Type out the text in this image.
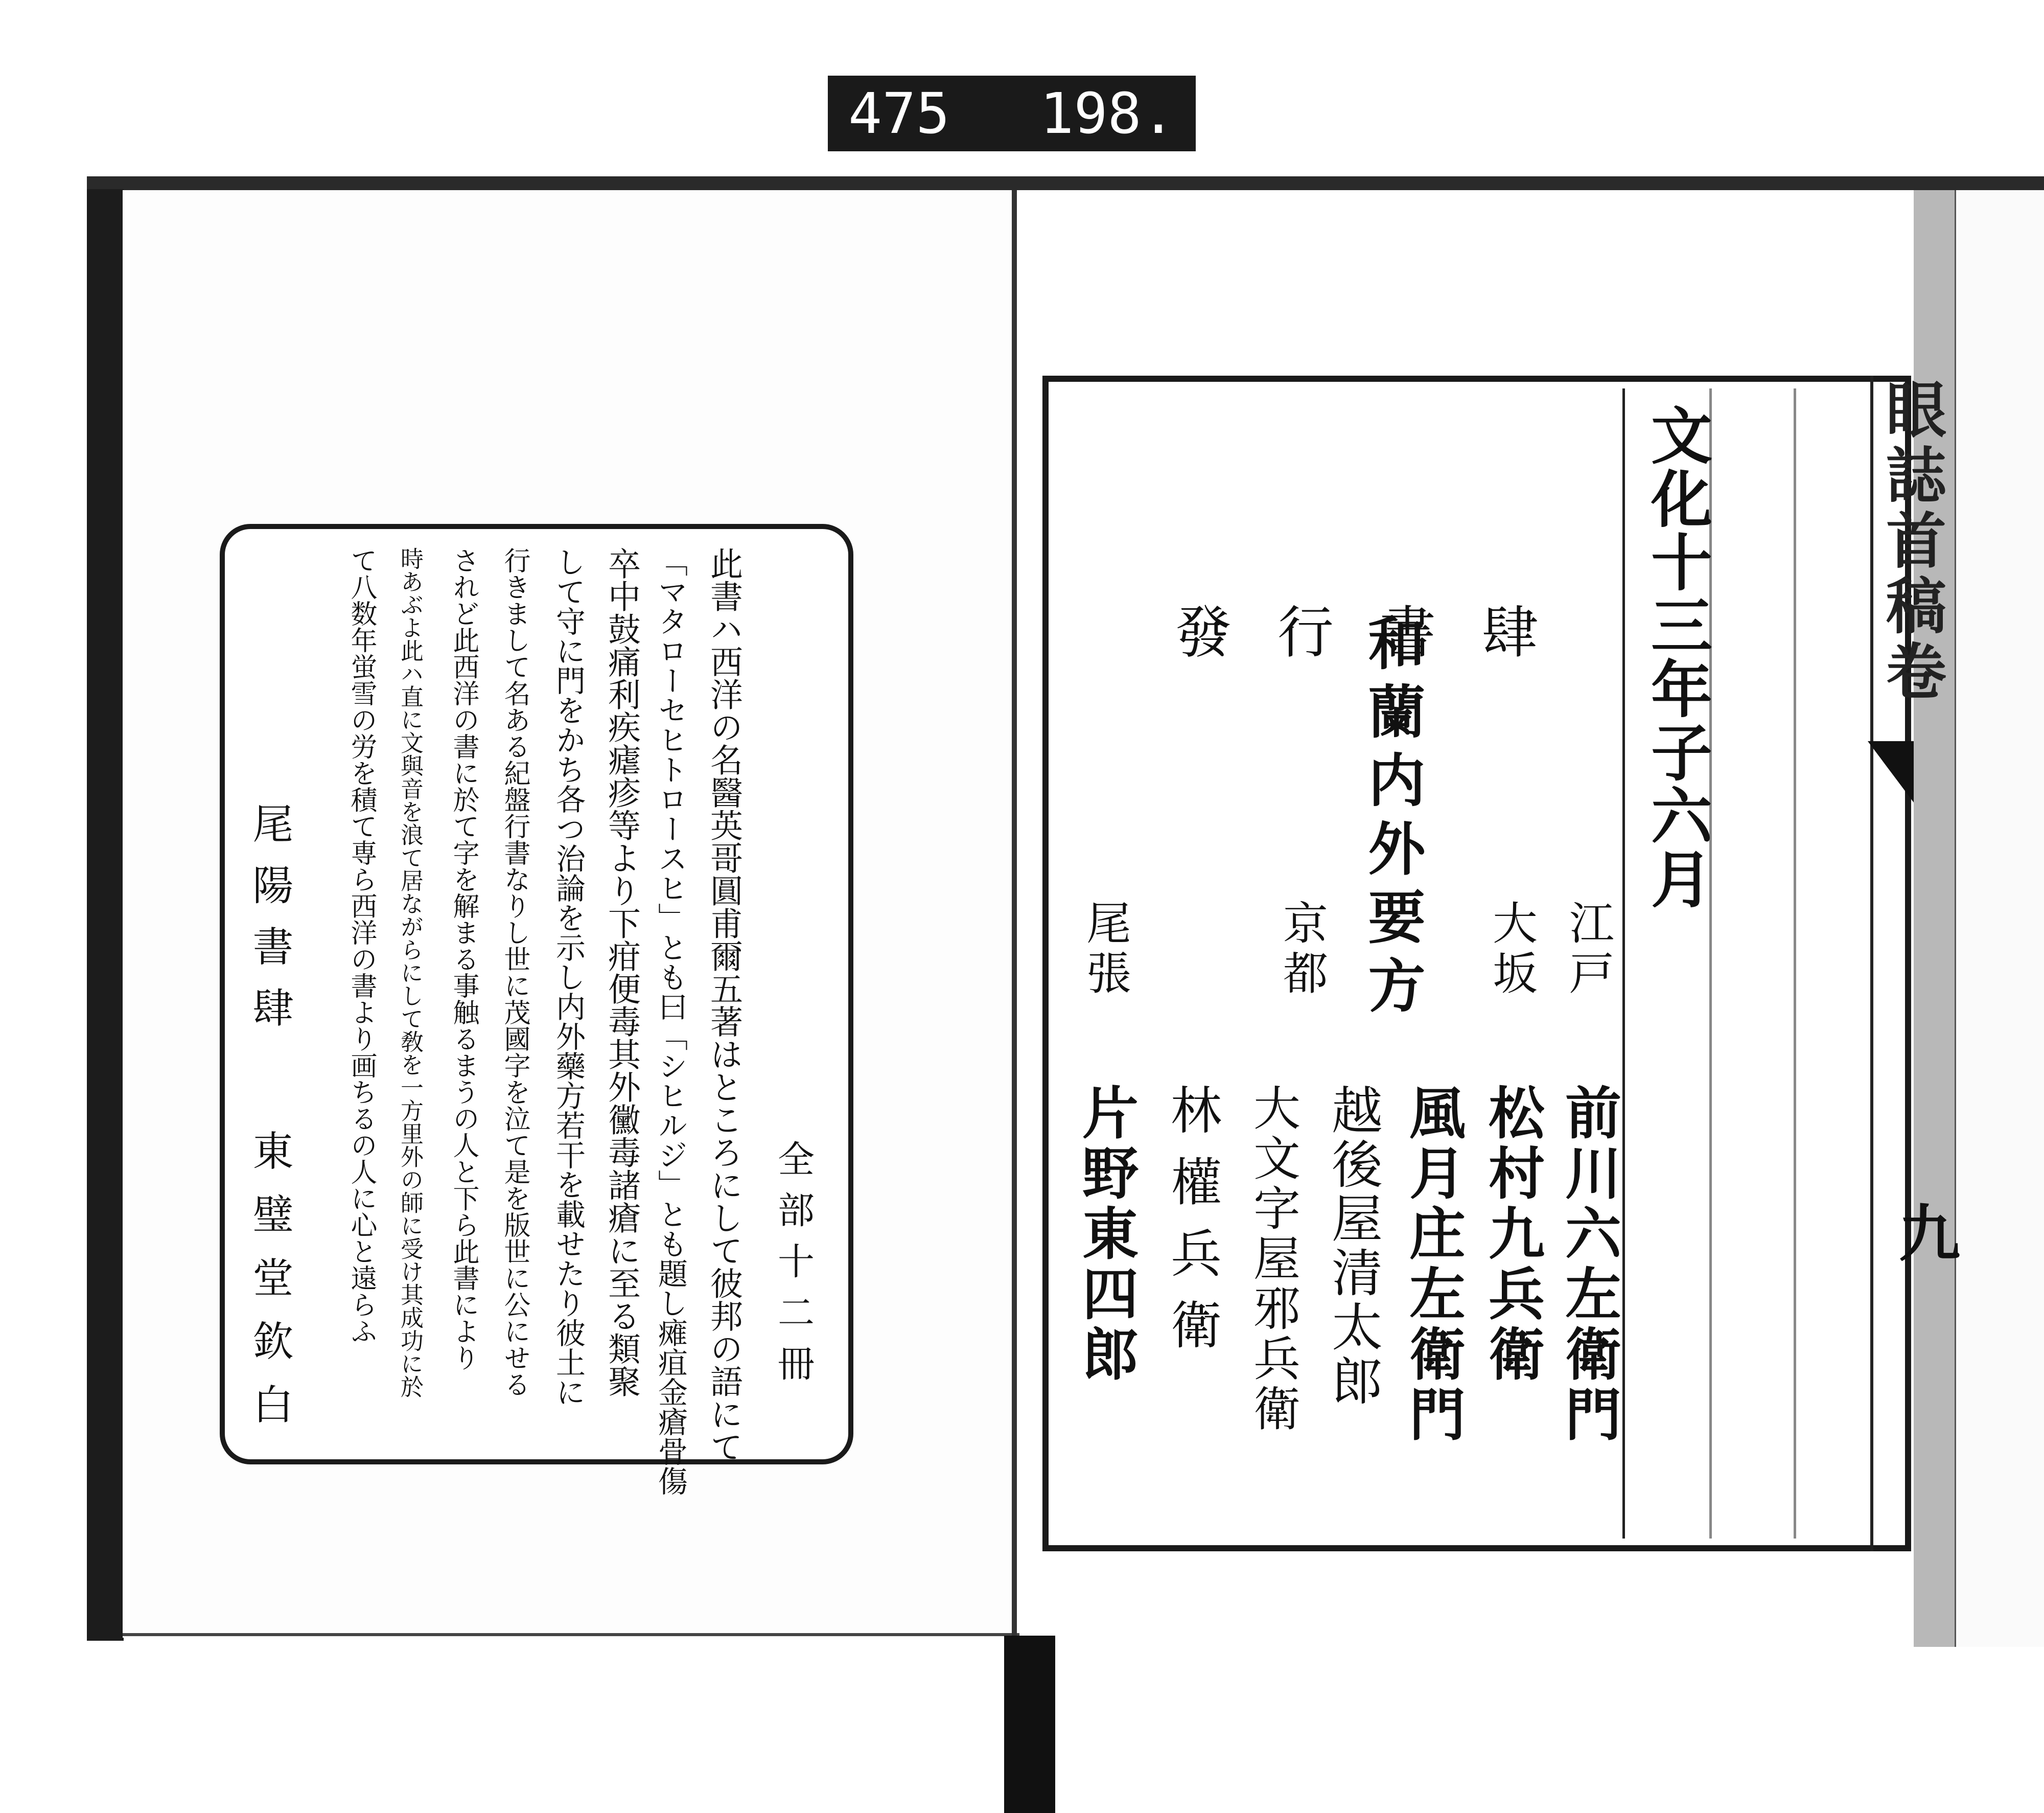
475 198.
和蘭内外要方
全部十二冊
此書ハ西洋の名醫英哥圓甫爾五著はところにして彼邦の語にて
「マタローセヒトロースヒ」とも曰「シヒルジ」とも題し瘫疽金瘡骨傷
卒中鼓痛利疾瘧疹等より下疳便毒其外黴毒諸瘡に至る類聚
して守に門をかち各つ治論を示し内外藥方若干を載せたり彼土に
行きまして名ある紀盤行書なりし世に茂國字を泣て是を版世に公にせる
されど此西洋の書に於て字を解まる事触るまうの人と下ら此書により
時あぶよ此ハ直に文與音を浪て居ながらにして敎を一方里外の師に受け其成功に於
て八数年蛍雪の労を積て専ら西洋の書より画ちるの人に心と遠らふ
尾陽書肆
東璧堂欽白
文化十三年子六月
發行書肆
江戸
前川六左衛門
大坂
松村九兵衛
風月庄左衛門
京都
越後屋清太郎
大文字屋邪兵衛
林權兵衛
尾張
片野東四郎
眼誌首稿卷
九
